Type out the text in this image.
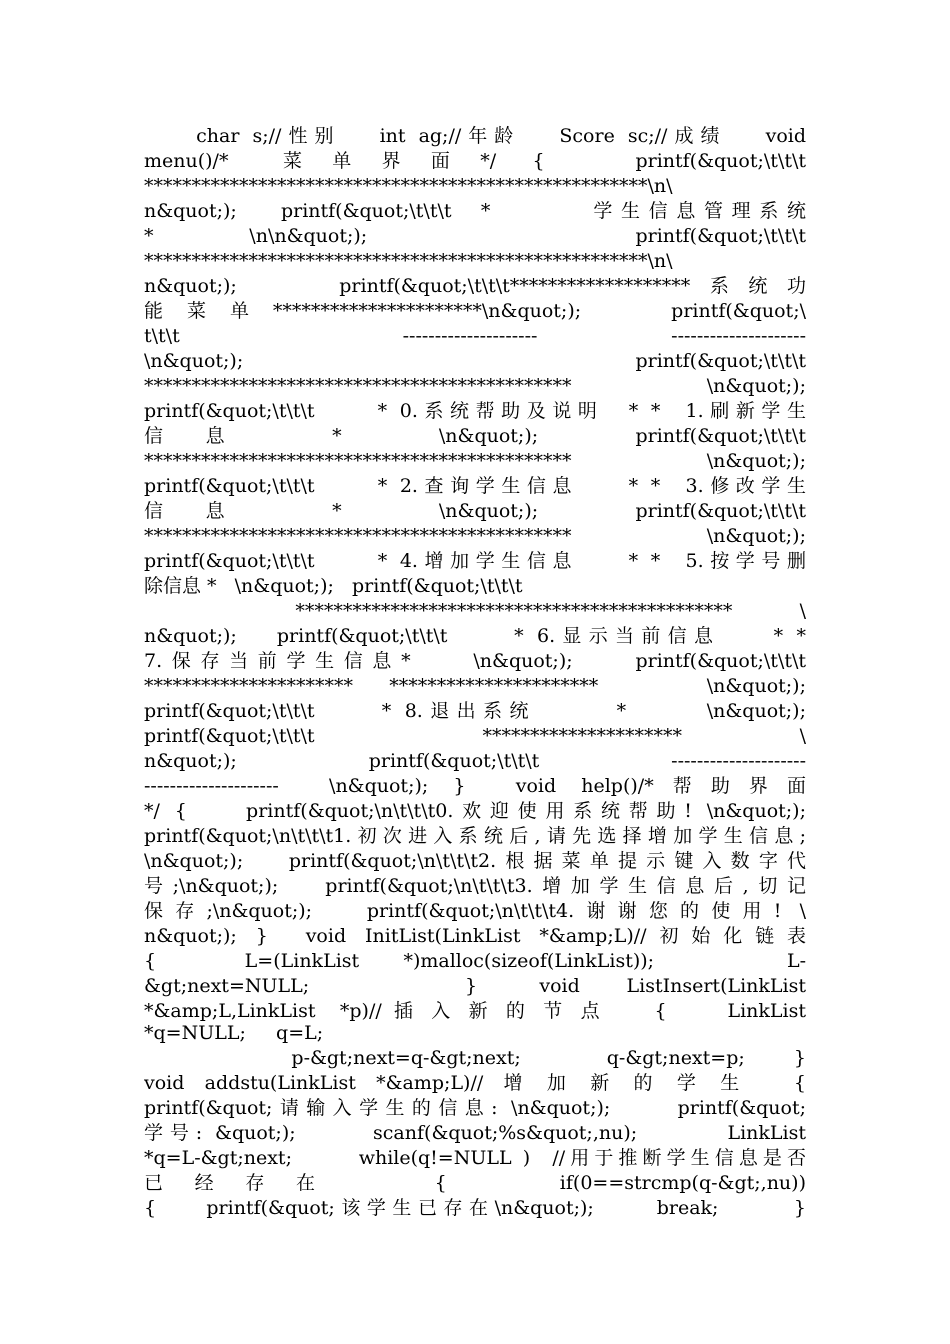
char s;//性别   int ag;//年龄   Score sc;//成绩   void
menu()/*   菜 单 界 面 */  {     printf(&quot;\t\t\t
*****************************************************\n\
n&quot;);   printf(&quot;\t\t\t  *       学生信息管理系统
*     \n\n&quot;);              printf(&quot;\t\t\t
*****************************************************\n\
n&quot;);    printf(&quot;\t\t\t*******************系统功
能菜单**********************\n&quot;);   printf(&quot;\
t\t\t     ---------------------   ---------------------
\n&quot;);                    printf(&quot;\t\t\t
*********************************************   \n&quot;);
printf(&quot;\t\t\t     * 0.系统帮助及说明  * *  1.刷新学生
信  息      *      \n&quot;);      printf(&quot;\t\t\t
*********************************************   \n&quot;);
printf(&quot;\t\t\t     * 2.查询学生信息    * *  3.修改学生
信  息      *      \n&quot;);      printf(&quot;\t\t\t
*********************************************   \n&quot;);
printf(&quot;\t\t\t     * 4.增加学生信息    * *  5.按学号删
除信息 *   \n&quot;);   printf(&quot;\t\t\t
**********************************************    \
n&quot;);   printf(&quot;\t\t\t     * 6.显示当前信息    * *
7.保存当前学生信息*    \n&quot;);    printf(&quot;\t\t\t
********************** **********************   \n&quot;);
printf(&quot;\t\t\t     * 8.退出系统      *      \n&quot;);
printf(&quot;\t\t\t          *********************       \
n&quot;);   printf(&quot;\t\t\t   ---------------------
---------------------  \n&quot;); }  void help()/*帮助界面
*/ {    printf(&quot;\n\t\t\t0.欢迎使用系统帮助! \n&quot;);
printf(&quot;\n\t\t\t1.初次进入系统后,请先选择增加学生信息;
\n&quot;);   printf(&quot;\n\t\t\t2.根据菜单提示键入数字代
号;\n&quot;);   printf(&quot;\n\t\t\t3.增加学生信息后,切记
保存;\n&quot;);   printf(&quot;\n\t\t\t4.谢谢您的使用! \
n&quot;); }  void InitList(LinkList *&amp;L)//初始化链表
{    L=(LinkList  *)malloc(sizeof(LinkList));      L-
&gt;next=NULL;          }    void   ListInsert(LinkList
*&amp;L,LinkList  *p)// 插 入 新 的 节 点    {     LinkList
*q=NULL;     q=L;
p-&gt;next=q-&gt;next;       q-&gt;next=p;    }
void  addstu(LinkList  *&amp;L)//  增  加  新  的  学  生     {
printf(&quot;请输入学生的信息: \n&quot;);     printf(&quot;
学号: &quot;);      scanf(&quot;%s&quot;,nu);       LinkList
*q=L-&gt;next;      while(q!=NULL )  //用于推断学生信息是否
已  经  存  在         {         if(0==strcmp(q-&gt;,nu))
{    printf(&quot;该学生已存在\n&quot;);     break;      }
